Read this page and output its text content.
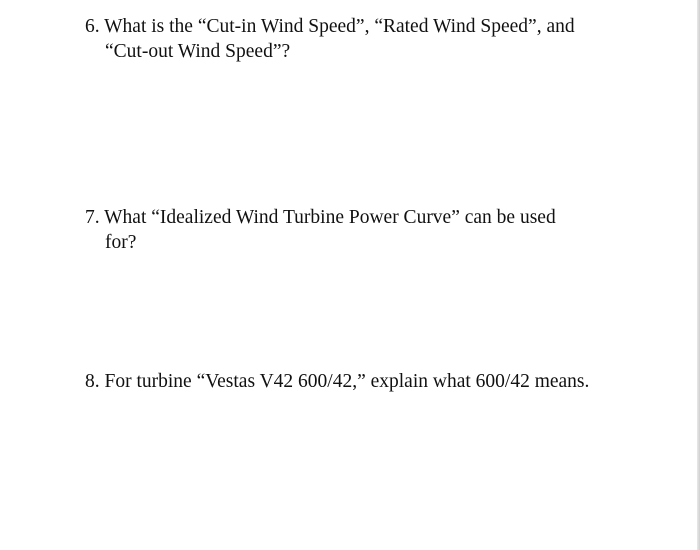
6. What is the “Cut-in Wind Speed”, “Rated Wind Speed”, and
“Cut-out Wind Speed”?

7. What “Idealized Wind Turbine Power Curve” can be used
for?

8. For turbine “Vestas V42 600/42,” explain what 600/42 means.
